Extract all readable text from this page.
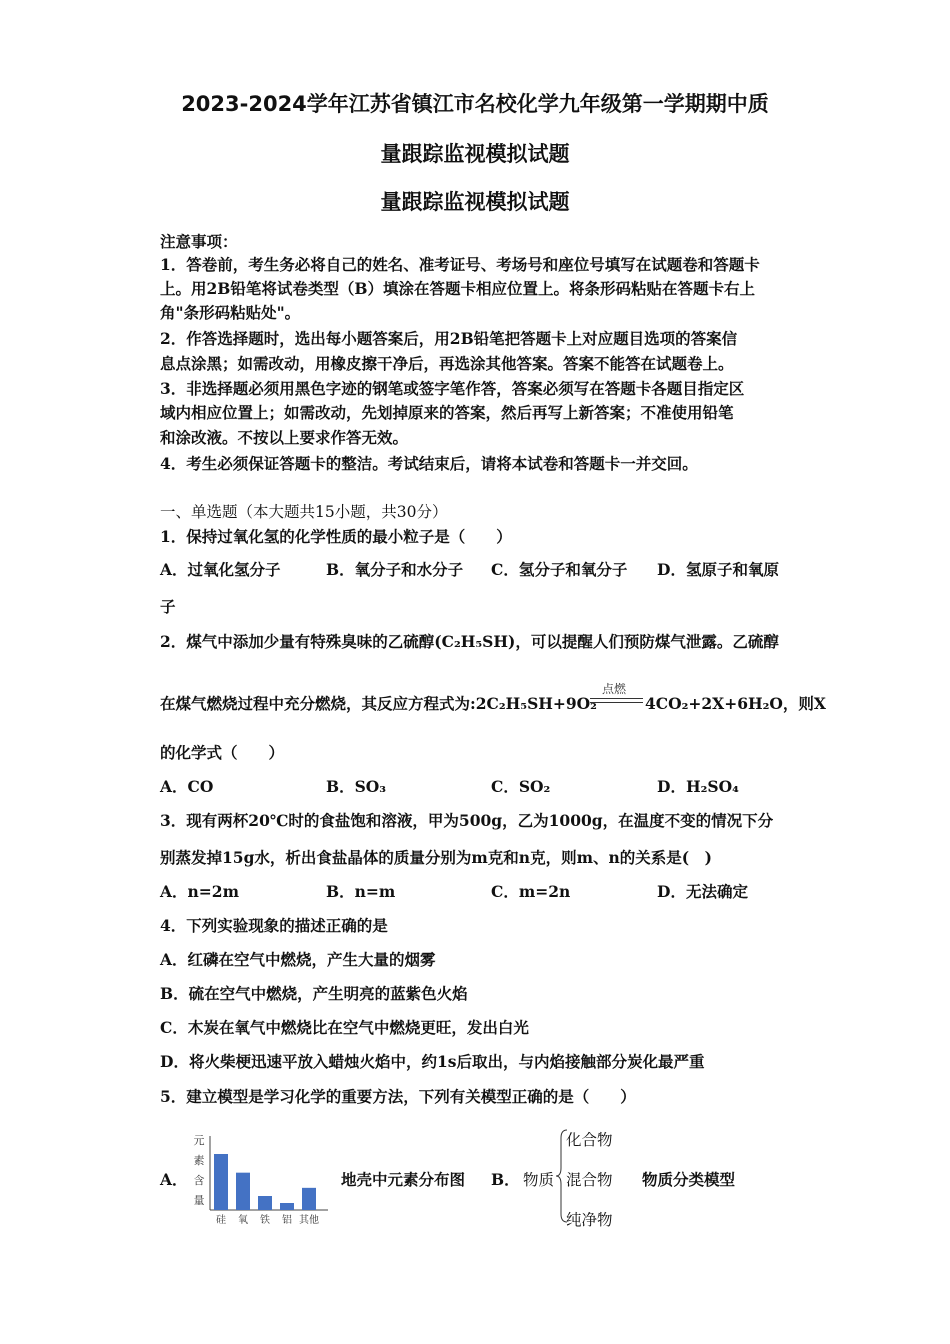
2023-2024学年江苏省镇江市名校化学九年级第一学期期中质
量跟踪监视模拟试题
量跟踪监视模拟试题
注意事项：
1．答卷前，考生务必将自己的姓名、准考证号、考场号和座位号填写在试题卷和答题卡
上。用2B铅笔将试卷类型（B）填涂在答题卡相应位置上。将条形码粘贴在答题卡右上
角"条形码粘贴处"。
2．作答选择题时，选出每小题答案后，用2B铅笔把答题卡上对应题目选项的答案信
息点涂黑；如需改动，用橡皮擦干净后，再选涂其他答案。答案不能答在试题卷上。
3．非选择题必须用黑色字迹的钢笔或签字笔作答，答案必须写在答题卡各题目指定区
域内相应位置上；如需改动，先划掉原来的答案，然后再写上新答案；不准使用铅笔
和涂改液。不按以上要求作答无效。
4．考生必须保证答题卡的整洁。考试结束后，请将本试卷和答题卡一并交回。
一、单选题（本大题共15小题，共30分）
1．保持过氧化氢的化学性质的最小粒子是（　　）
A．过氧化氢分子	B．氧分子和水分子 C．氢分子和氧分子 D．氢原子和氧原
子
2．煤气中添加少量有特殊臭味的乙硫醇(C₂H₅SH)，可以提醒人们预防煤气泄露。乙硫醇
在煤气燃烧过程中充分燃烧，其反应方程式为:2C₂H₅SH+9O₂
点燃
4CO₂+2X+6H₂O，则X
的化学式（　　）
A．CO	B．SO₃	C．SO₂	D．H₂SO₄
3．现有两杯20℃时的食盐饱和溶液，甲为500g，乙为1000g，在温度不变的情况下分
别蒸发掉15g水，析出食盐晶体的质量分别为m克和n克，则m、n的关系是(　)
A．n=2m	B．n=m	C．m=2n	D．无法确定
4．下列实验现象的描述正确的是
A．红磷在空气中燃烧，产生大量的烟雾
B．硫在空气中燃烧，产生明亮的蓝紫色火焰
C．木炭在氧气中燃烧比在空气中燃烧更旺，发出白光
D．将火柴梗迅速平放入蜡烛火焰中，约1s后取出，与内焰接触部分炭化最严重
5．建立模型是学习化学的重要方法，下列有关模型正确的是（　　）
A．
元
素
含
量
硅 氧 铁 铝 其他
地壳中元素分布图 B． 物质
化合物
混合物
纯净物
物质分类模型
